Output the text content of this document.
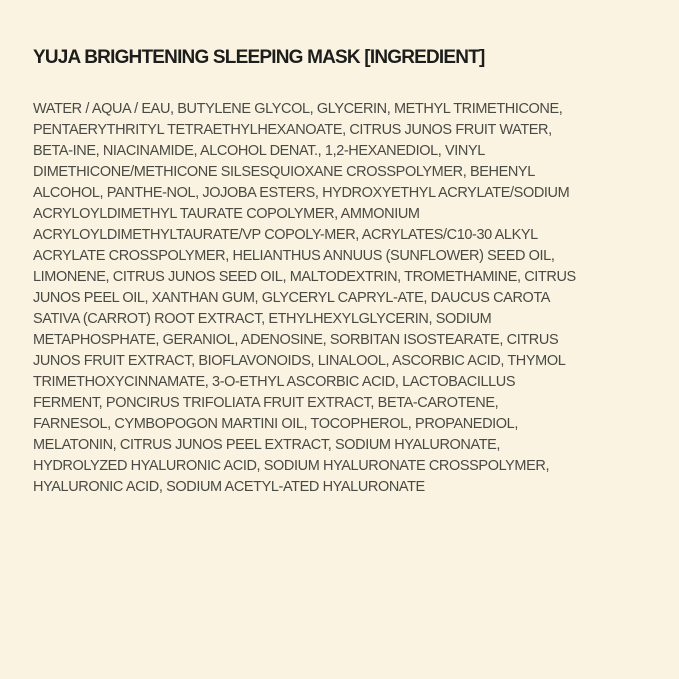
YUJA BRIGHTENING SLEEPING MASK [INGREDIENT]
WATER / AQUA / EAU, BUTYLENE GLYCOL, GLYCERIN, METHYL TRIMETHICONE,
PENTAERYTHRITYL TETRAETHYLHEXANOATE, CITRUS JUNOS FRUIT WATER,
BETA-INE, NIACINAMIDE, ALCOHOL DENAT., 1,2-HEXANEDIOL, VINYL
DIMETHICONE/METHICONE SILSESQUIOXANE CROSSPOLYMER, BEHENYL
ALCOHOL, PANTHE-NOL, JOJOBA ESTERS, HYDROXYETHYL ACRYLATE/SODIUM
ACRYLOYLDIMETHYL TAURATE COPOLYMER, AMMONIUM
ACRYLOYLDIMETHYLTAURATE/VP COPOLY-MER, ACRYLATES/C10-30 ALKYL
ACRYLATE CROSSPOLYMER, HELIANTHUS ANNUUS (SUNFLOWER) SEED OIL,
LIMONENE, CITRUS JUNOS SEED OIL, MALTODEXTRIN, TROMETHAMINE, CITRUS
JUNOS PEEL OIL, XANTHAN GUM, GLYCERYL CAPRYL-ATE, DAUCUS CAROTA
SATIVA (CARROT) ROOT EXTRACT, ETHYLHEXYLGLYCERIN, SODIUM
METAPHOSPHATE, GERANIOL, ADENOSINE, SORBITAN ISOSTEARATE, CITRUS
JUNOS FRUIT EXTRACT, BIOFLAVONOIDS, LINALOOL, ASCORBIC ACID, THYMOL
TRIMETHOXYCINNAMATE, 3-O-ETHYL ASCORBIC ACID, LACTOBACILLUS
FERMENT, PONCIRUS TRIFOLIATA FRUIT EXTRACT, BETA-CAROTENE,
FARNESOL, CYMBOPOGON MARTINI OIL, TOCOPHEROL, PROPANEDIOL,
MELATONIN, CITRUS JUNOS PEEL EXTRACT, SODIUM HYALURONATE,
HYDROLYZED HYALURONIC ACID, SODIUM HYALURONATE CROSSPOLYMER,
HYALURONIC ACID, SODIUM ACETYL-ATED HYALURONATE
